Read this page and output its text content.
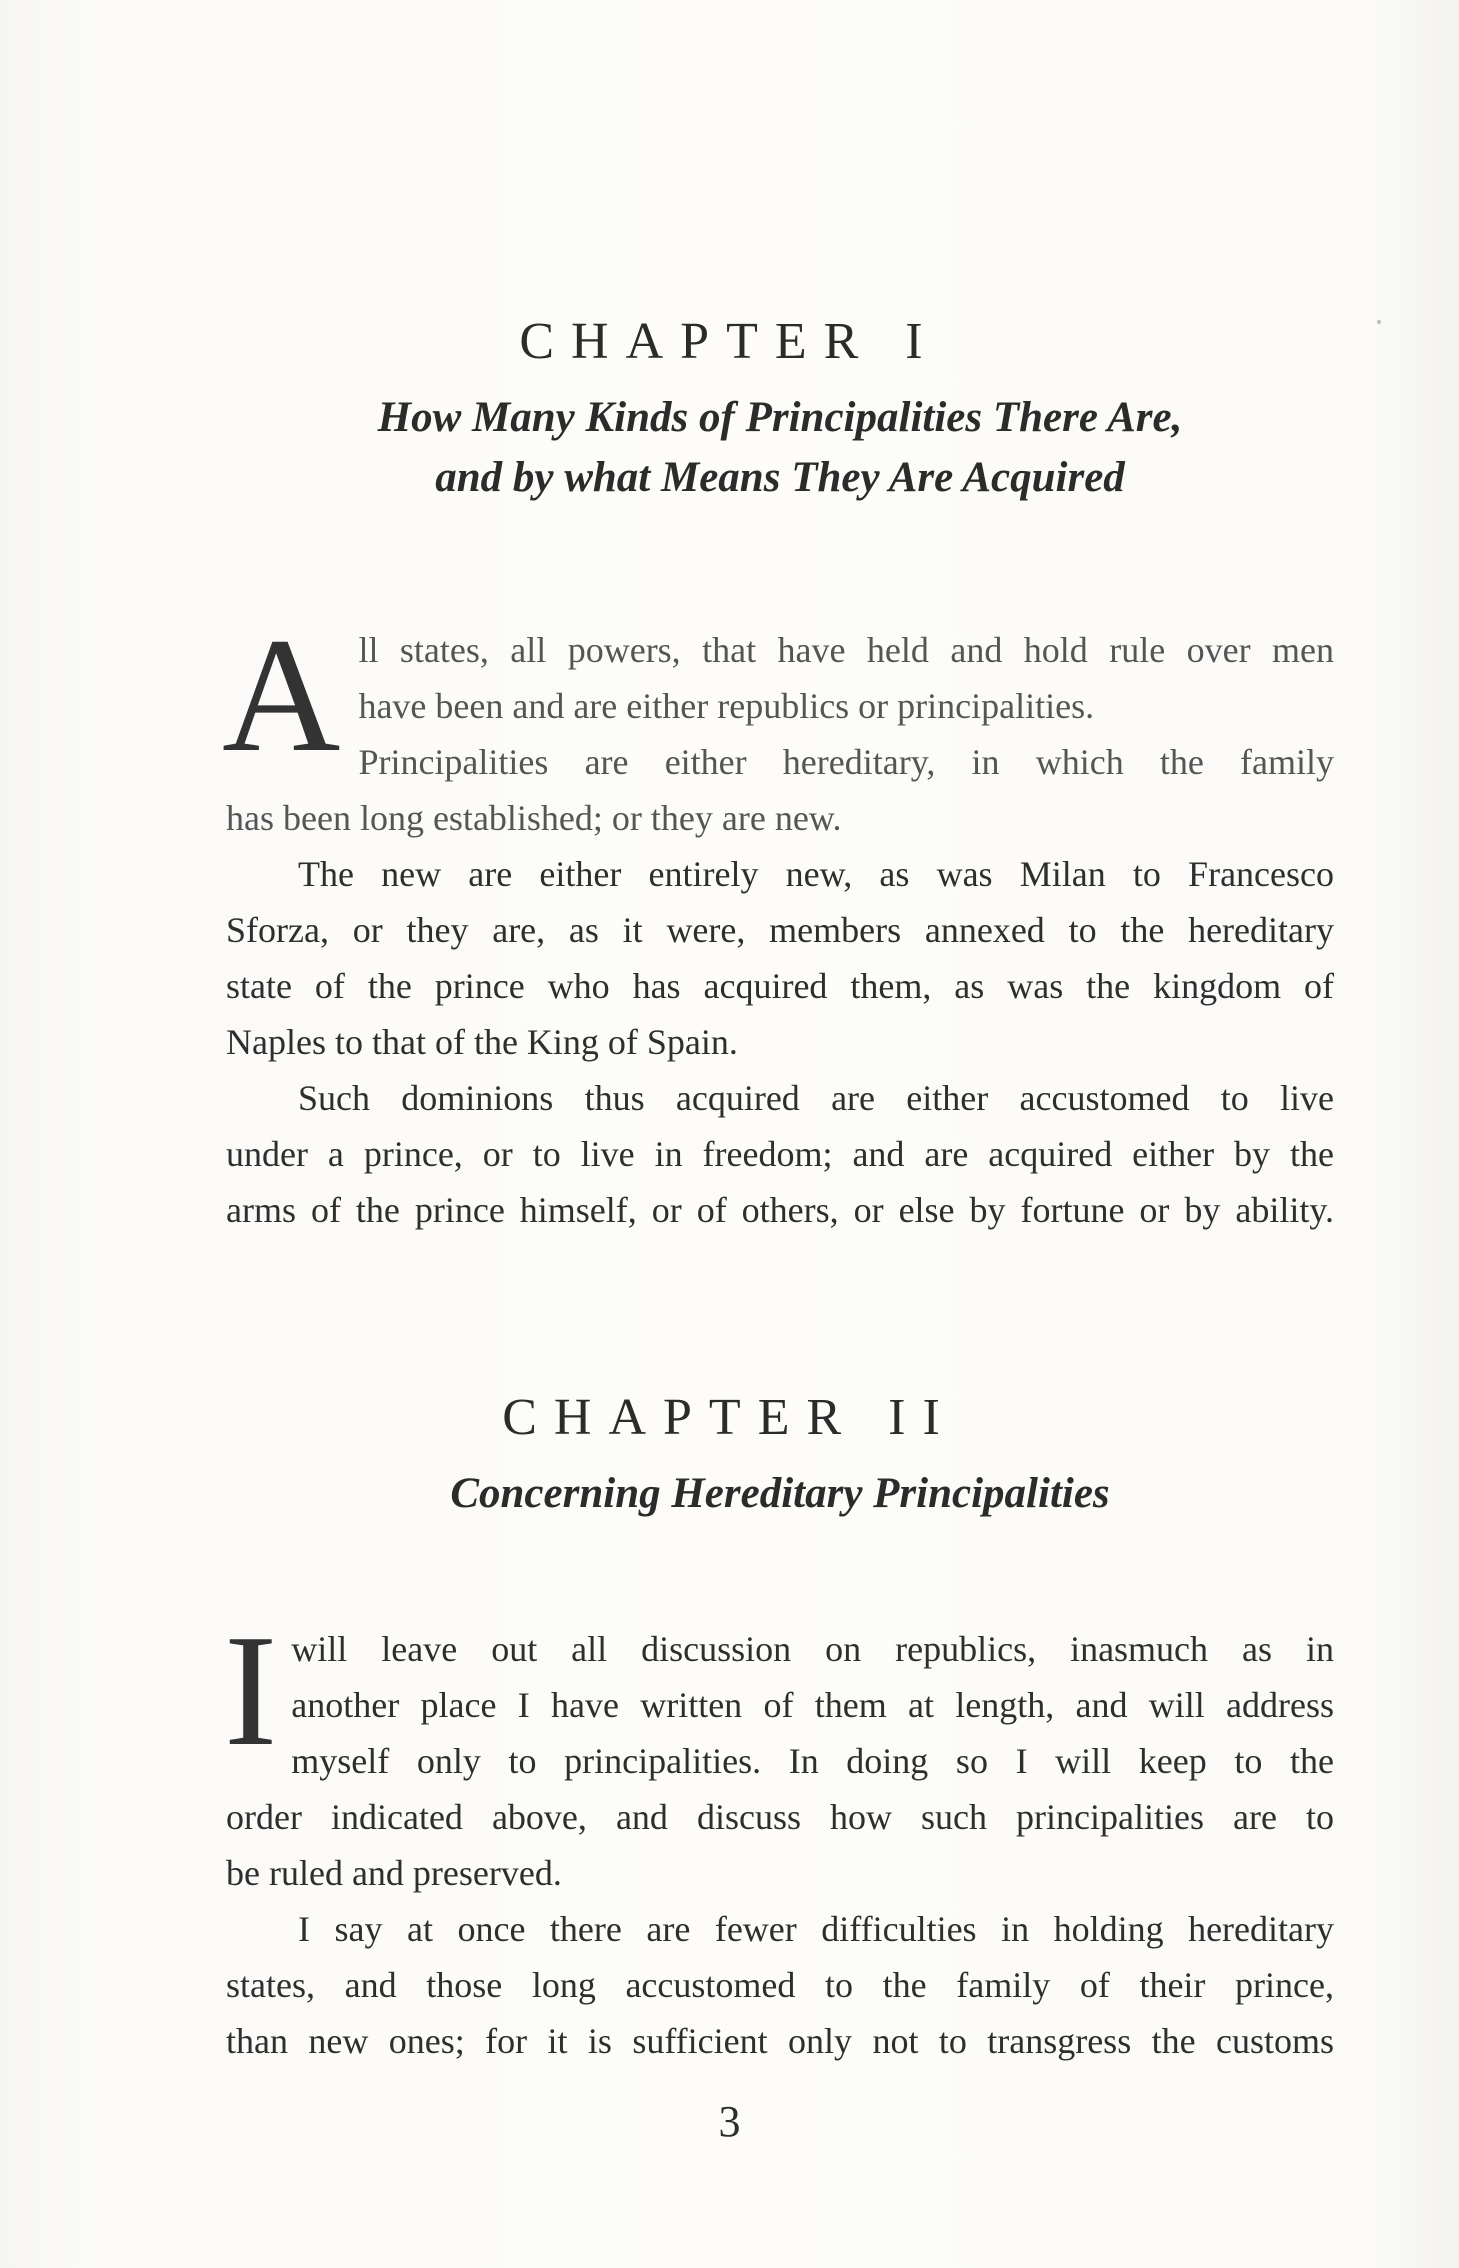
CHAPTER I
How Many Kinds of Principalities There Are,
and by what Means They Are Acquired

A ll states, all powers, that have held and hold rule over men
have been and are either republics or principalities.
Principalities are either hereditary, in which the family
has been long established; or they are new.

The new are either entirely new, as was Milan to Francesco
Sforza, or they are, as it were, members annexed to the hereditary
state of the prince who has acquired them, as was the kingdom of
Naples to that of the King of Spain.

Such dominions thus acquired are either accustomed to live
under a prince, or to live in freedom; and are acquired either by the
arms of the prince himself, or of others, or else by fortune or by ability.

CHAPTER II
Concerning Hereditary Principalities

I will leave out all discussion on republics, inasmuch as in
another place I have written of them at length, and will address
myself only to principalities. In doing so I will keep to the
order indicated above, and discuss how such principalities are to
be ruled and preserved.

I say at once there are fewer difficulties in holding hereditary
states, and those long accustomed to the family of their prince,
than new ones; for it is sufficient only not to transgress the customs

3
